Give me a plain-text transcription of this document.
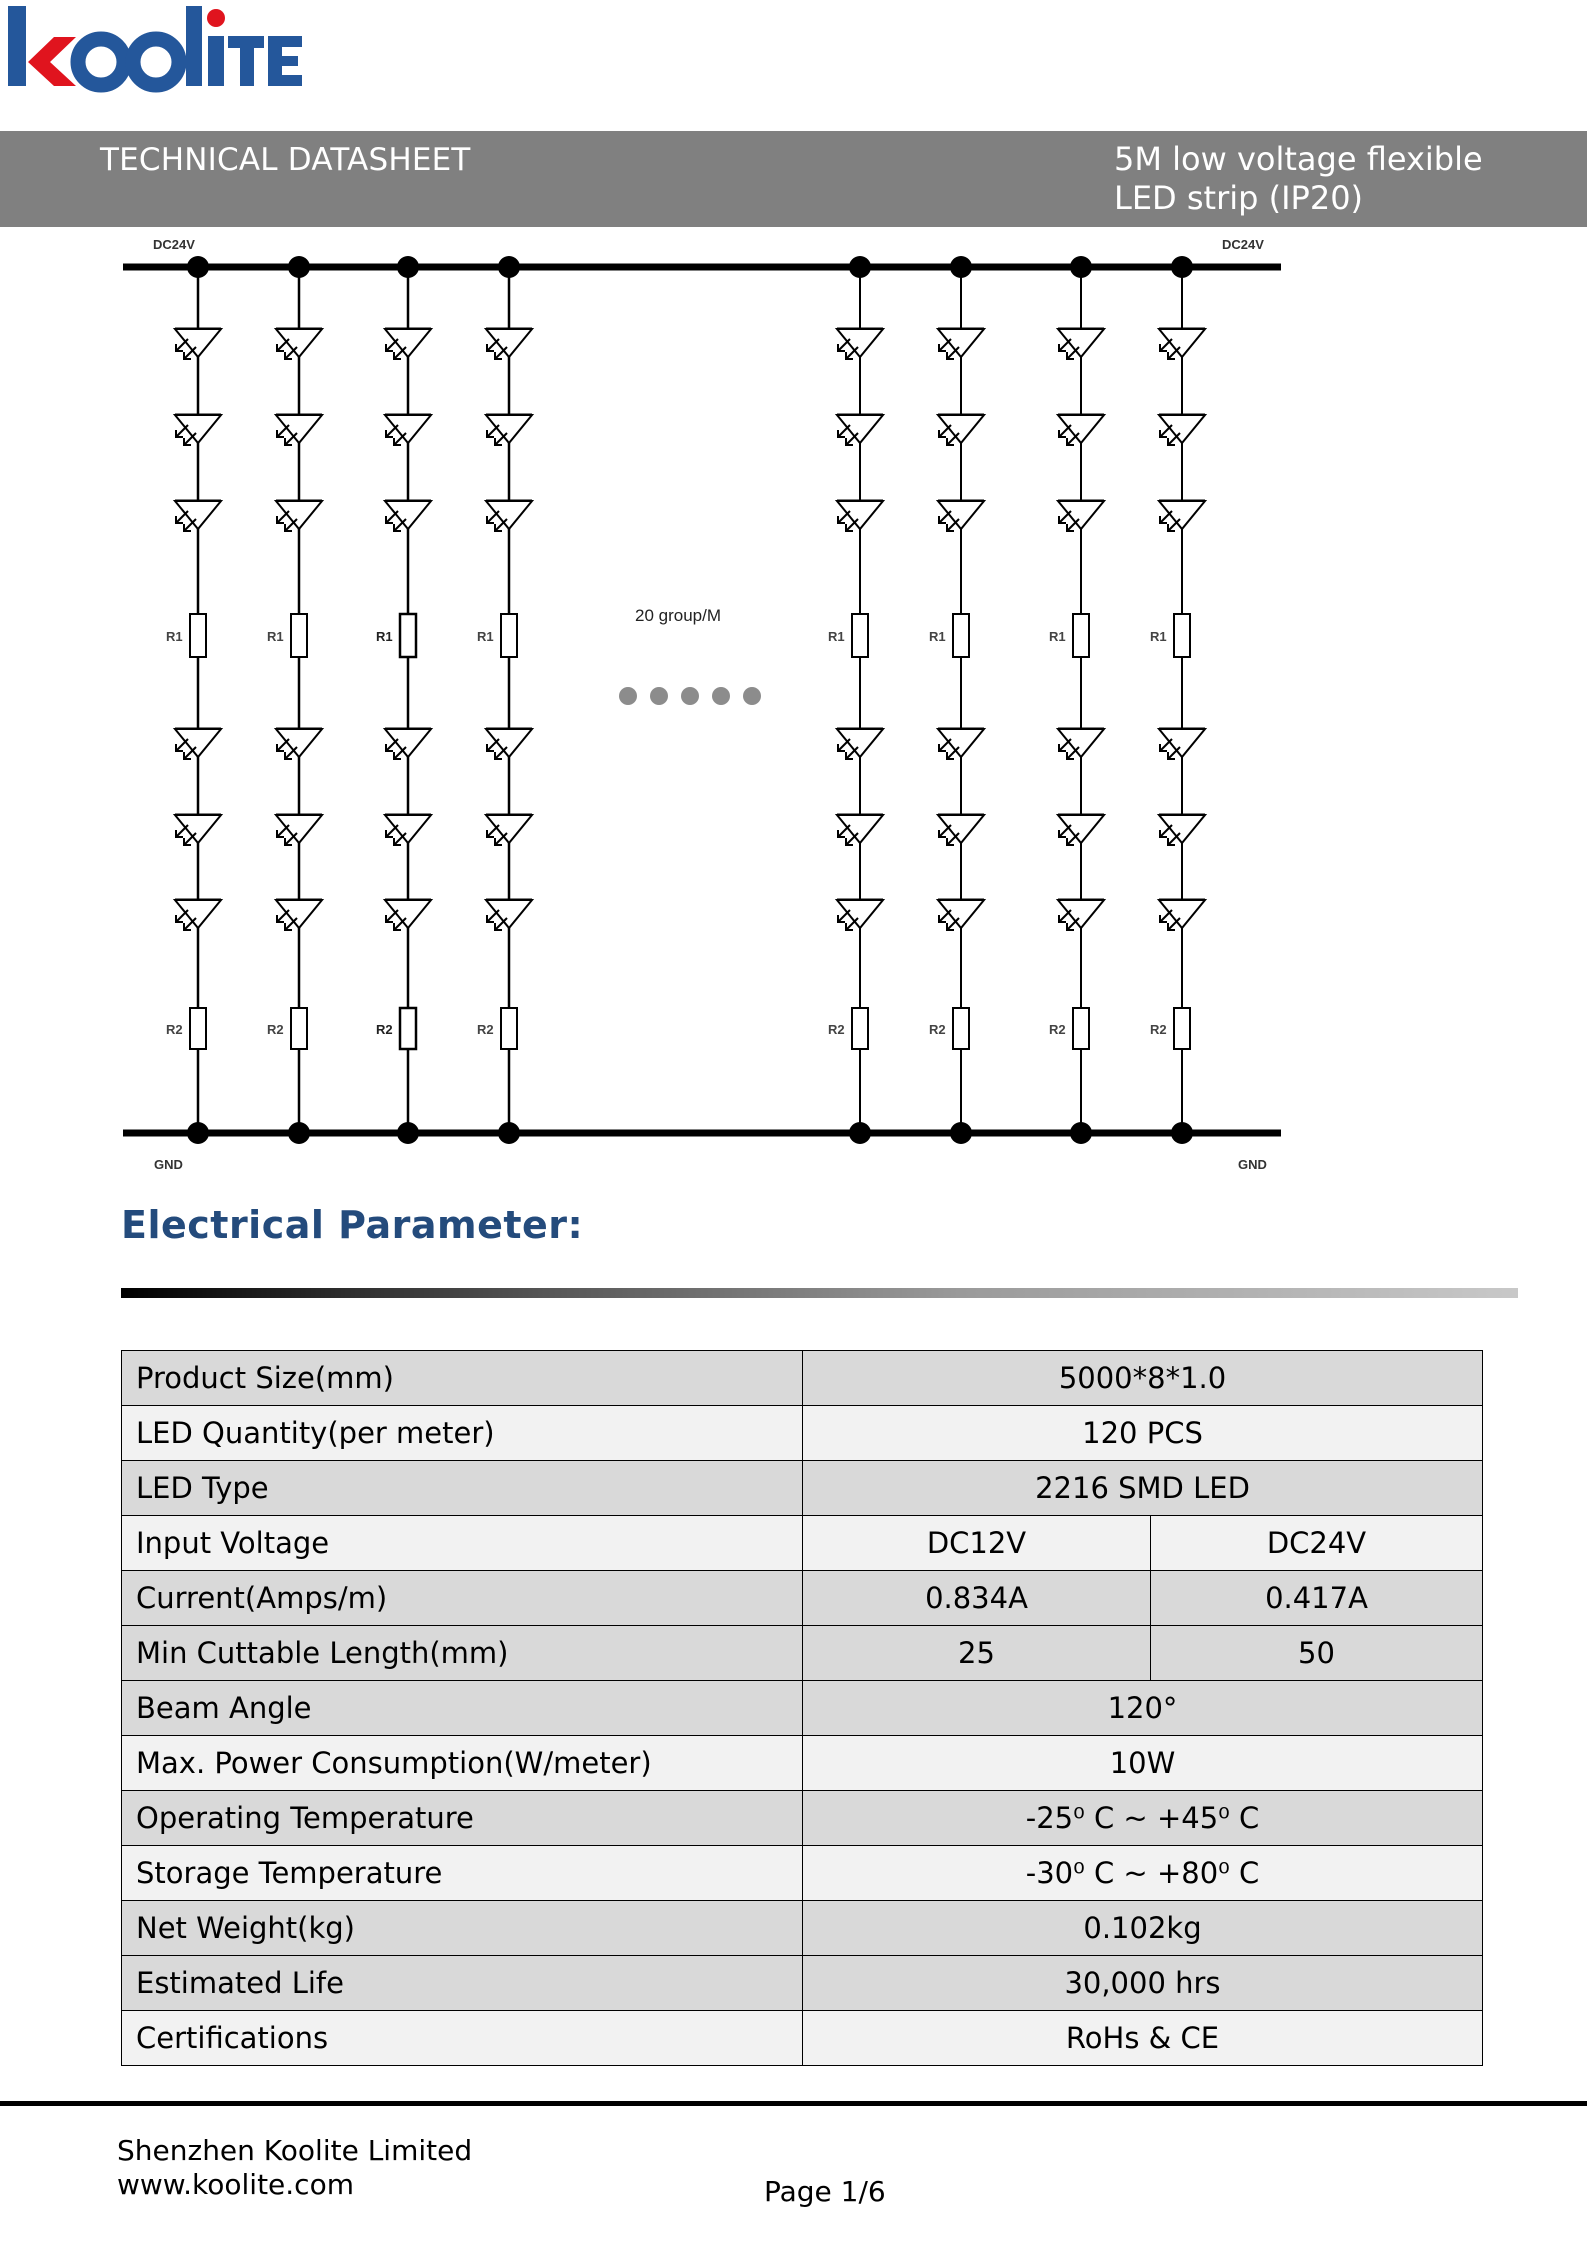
TECHNICAL DATASHEET	5M low voltage flexible
LED strip (IP20)
DC24V	DC24V
GND	GND
20 group/M
R1
R2
R1
R2
R1
R2
R1
R2
R1
R2
R1
R2
R1
R2
R1
R2
Electrical Parameter:
Product Size(mm)	5000*8*1.0	
LED Quantity(per meter)	120 PCS	
LED Type	2216 SMD LED	
Input Voltage	DC12V	DC24V
Current(Amps/m)	0.834A	0.417A
Min Cuttable Length(mm)	25	50
Beam Angle	120°	
Max. Power Consumption(W/meter)	10W	
Operating Temperature	-25⁰ C ~ +45⁰ C	
Storage Temperature	-30⁰ C ~ +80⁰ C	
Net Weight(kg)	0.102kg	
Estimated Life	30,000 hrs	
Certifications	RoHs & CE	
Shenzhen Koolite Limited
www.koolite.com	Page 1/6
